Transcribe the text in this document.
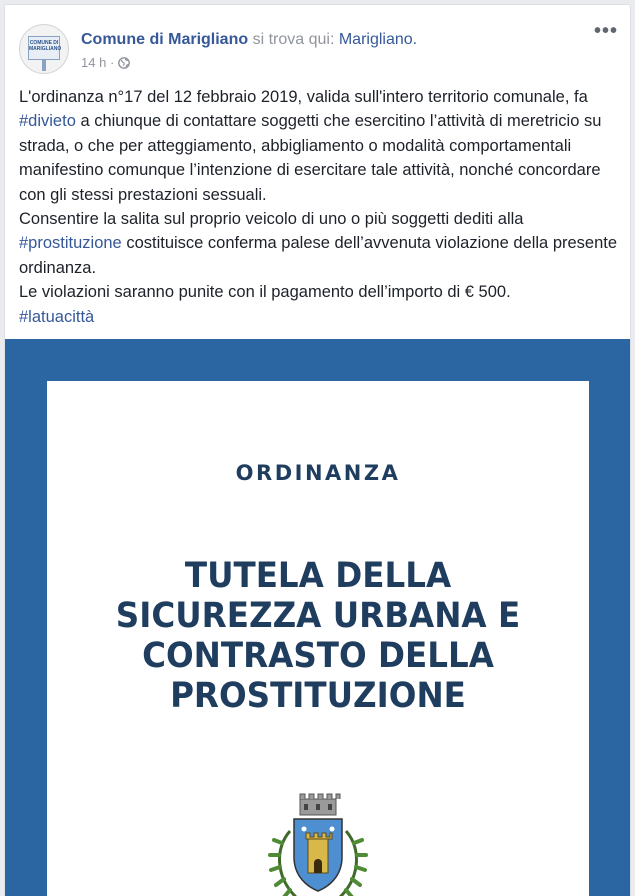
COMUNE DI
MARIGLIANO
Comune di Marigliano si trova qui: Marigliano.
14 h ·
•••

L'ordinanza n°17 del 12 febbraio 2019, valida sull'intero territorio comunale, fa #divieto a chiunque di contattare soggetti che esercitino l’attività di meretricio su strada, o che per atteggiamento, abbigliamento o modalità comportamentali manifestino comunque l’intenzione di esercitare tale attività, nonché concordare con gli stessi prestazioni sessuali.

Consentire la salita sul proprio veicolo di uno o più soggetti dediti alla #prostituzione costituisce conferma palese dell’avvenuta violazione della presente ordinanza.

Le violazioni saranno punite con il pagamento dell’importo di € 500.

#latuacittà

ORDINANZA
TUTELA DELLA
SICUREZZA URBANA E
CONTRASTO DELLA
PROSTITUZIONE
